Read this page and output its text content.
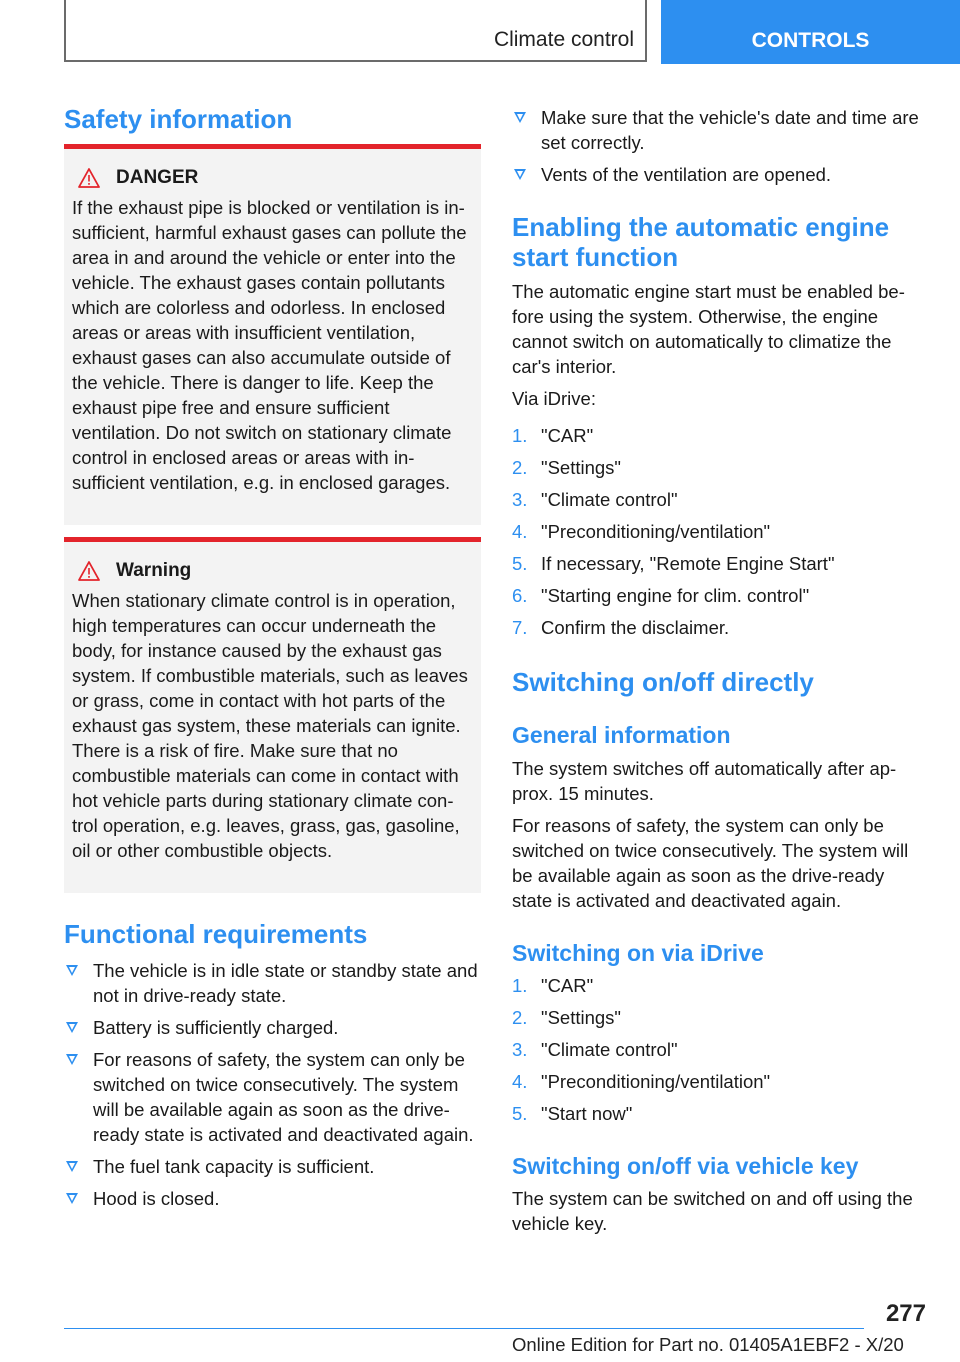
Climate control	CONTROLS
Safety information
DANGER

If the exhaust pipe is blocked or ventilation is insufficient, harmful exhaust gases can pollute the area in and around the vehicle or enter into the vehicle. The exhaust gases contain pollutants which are colorless and odorless. In enclosed areas or areas with insufficient ventilation, exhaust gases can also accumulate outside of the vehicle. There is danger to life. Keep the exhaust pipe free and ensure sufficient ventilation. Do not switch on stationary climate control in enclosed areas or areas with insufficient ventilation, e.g. in enclosed garages.

Warning

When stationary climate control is in operation, high temperatures can occur underneath the body, for instance caused by the exhaust gas system. If combustible materials, such as leaves or grass, come in contact with hot parts of the exhaust gas system, these materials can ignite. There is a risk of fire. Make sure that no combustible materials can come in contact with hot vehicle parts during stationary climate control operation, e.g. leaves, grass, gas, gasoline, oil or other combustible objects.

Functional requirements
The vehicle is in idle state or standby state and not in drive-ready state.
Battery is sufficiently charged.
For reasons of safety, the system can only be switched on twice consecutively. The system will be available again as soon as the drive-ready state is activated and deactivated again.
The fuel tank capacity is sufficient.
Hood is closed.
Make sure that the vehicle's date and time are set correctly.
Vents of the ventilation are opened.
Enabling the automatic engine start function

The automatic engine start must be enabled before using the system. Otherwise, the engine cannot switch on automatically to climatize the car's interior.

Via iDrive:

1. "CAR"
2. "Settings"
3. "Climate control"
4. "Preconditioning/ventilation"
5. If necessary, "Remote Engine Start"
6. "Starting engine for clim. control"
7. Confirm the disclaimer.
Switching on/off directly
General information

The system switches off automatically after approx. 15 minutes.

For reasons of safety, the system can only be switched on twice consecutively. The system will be available again as soon as the drive-ready state is activated and deactivated again.

Switching on via iDrive
1. "CAR"
2. "Settings"
3. "Climate control"
4. "Preconditioning/ventilation"
5. "Start now"
Switching on/off via vehicle key

The system can be switched on and off using the vehicle key.

277
Online Edition for Part no. 01405A1EBF2 - X/20
